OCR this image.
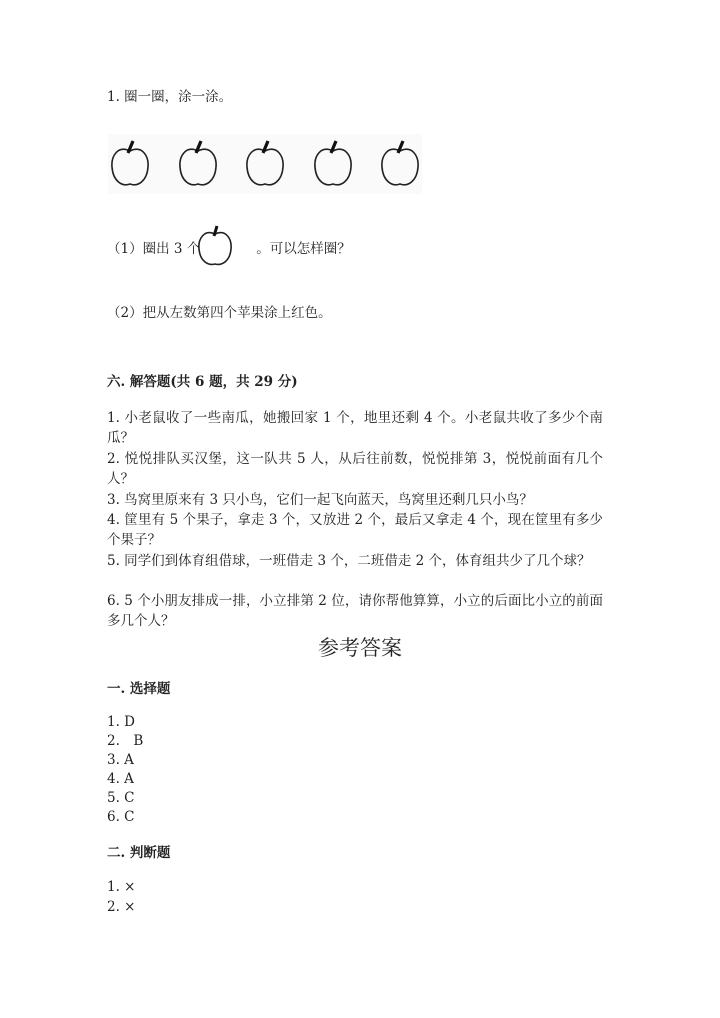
1. 圈一圈，涂一涂。
（1）圈出 3 个	。可以怎样圈？
（2）把从左数第四个苹果涂上红色。
六. 解答题(共 6 题，共 29 分)
1. 小老鼠收了一些南瓜，她搬回家 1 个，地里还剩 4 个。小老鼠共收了多少个南瓜？
2. 悦悦排队买汉堡，这一队共 5 人，从后往前数，悦悦排第 3，悦悦前面有几个人？
3. 鸟窝里原来有 3 只小鸟，它们一起飞向蓝天，鸟窝里还剩几只小鸟？
4. 筐里有 5 个果子，拿走 3 个，又放进 2 个，最后又拿走 4 个，现在筐里有多少个果子？
5. 同学们到体育组借球，一班借走 3 个，二班借走 2 个，体育组共少了几个球？
6. 5 个小朋友排成一排，小立排第 2 位，请你帮他算算，小立的后面比小立的前面多几个人？
参考答案
一. 选择题
1. D
2.　B
3. A
4. A
5. C
6. C
二. 判断题
1. ×
2. ×
